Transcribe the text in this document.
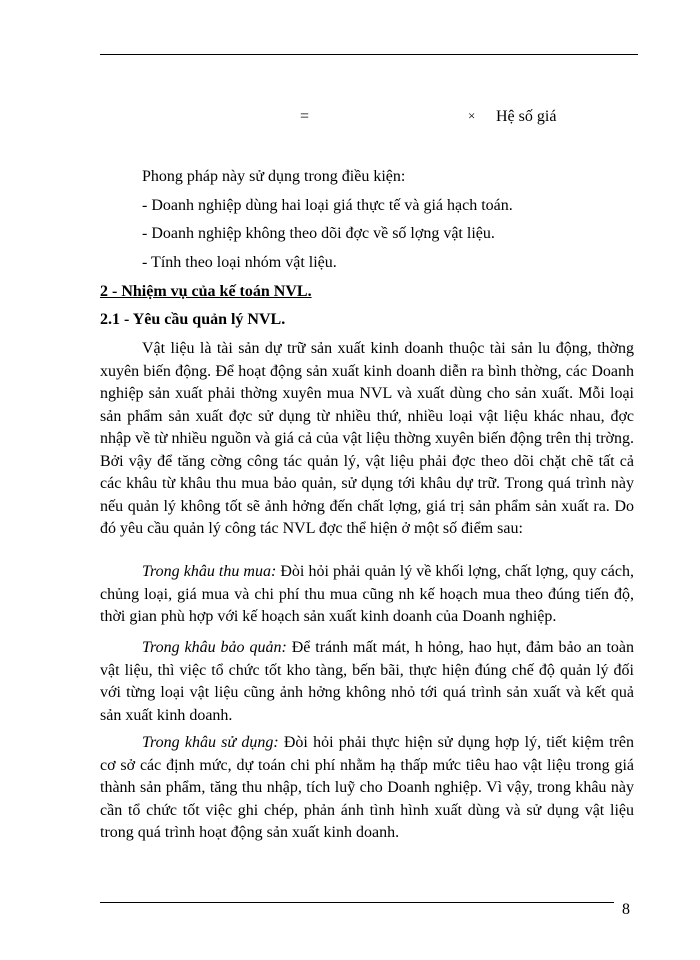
=	× Hệ số giá
Phong pháp này sử dụng trong điều kiện:
- Doanh nghiệp dùng hai loại giá thực tế và giá hạch toán.
- Doanh nghiệp không theo dõi đợc về số lợng vật liệu.
- Tính theo loại nhóm vật liệu.
2 - Nhiệm vụ của kế toán NVL.
2.1 - Yêu cầu quản lý NVL.

Vật liệu là tài sản dự trữ sản xuất kinh doanh thuộc tài sản lu động, thờng xuyên biến động. Để hoạt động sản xuất kinh doanh diễn ra bình thờng, các Doanh nghiệp sản xuất phải thờng xuyên mua NVL và xuất dùng cho sản xuất. Mỗi loại sản phẩm sản xuất đợc sử dụng từ nhiều thứ, nhiều loại vật liệu khác nhau, đợc nhập về từ nhiều nguồn và giá cả của vật liệu thờng xuyên biến động trên thị trờng. Bởi vậy để tăng cờng công tác quản lý, vật liệu phải đợc theo dõi chặt chẽ tất cả các khâu từ khâu thu mua bảo quản, sử dụng tới khâu dự trữ. Trong quá trình này nếu quản lý không tốt sẽ ảnh hởng đến chất lợng, giá trị sản phẩm sản xuất ra. Do đó yêu cầu quản lý công tác NVL đợc thể hiện ở một số điểm sau:

Trong khâu thu mua: Đòi hỏi phải quản lý về khối lợng, chất lợng, quy cách, chủng loại, giá mua và chi phí thu mua cũng nh kế hoạch mua theo đúng tiến độ, thời gian phù hợp với kế hoạch sản xuất kinh doanh của Doanh nghiệp.

Trong khâu bảo quản: Để tránh mất mát, h hỏng, hao hụt, đảm bảo an toàn vật liệu, thì việc tổ chức tốt kho tàng, bến bãi, thực hiện đúng chế độ quản lý đối với từng loại vật liệu cũng ảnh hởng không nhỏ tới quá trình sản xuất và kết quả sản xuất kinh doanh.

Trong khâu sử dụng: Đòi hỏi phải thực hiện sử dụng hợp lý, tiết kiệm trên cơ sở các định mức, dự toán chi phí nhằm hạ thấp mức tiêu hao vật liệu trong giá thành sản phẩm, tăng thu nhập, tích luỹ cho Doanh nghiệp. Vì vậy, trong khâu này cần tổ chức tốt việc ghi chép, phản ánh tình hình xuất dùng và sử dụng vật liệu trong quá trình hoạt động sản xuất kinh doanh.

8
